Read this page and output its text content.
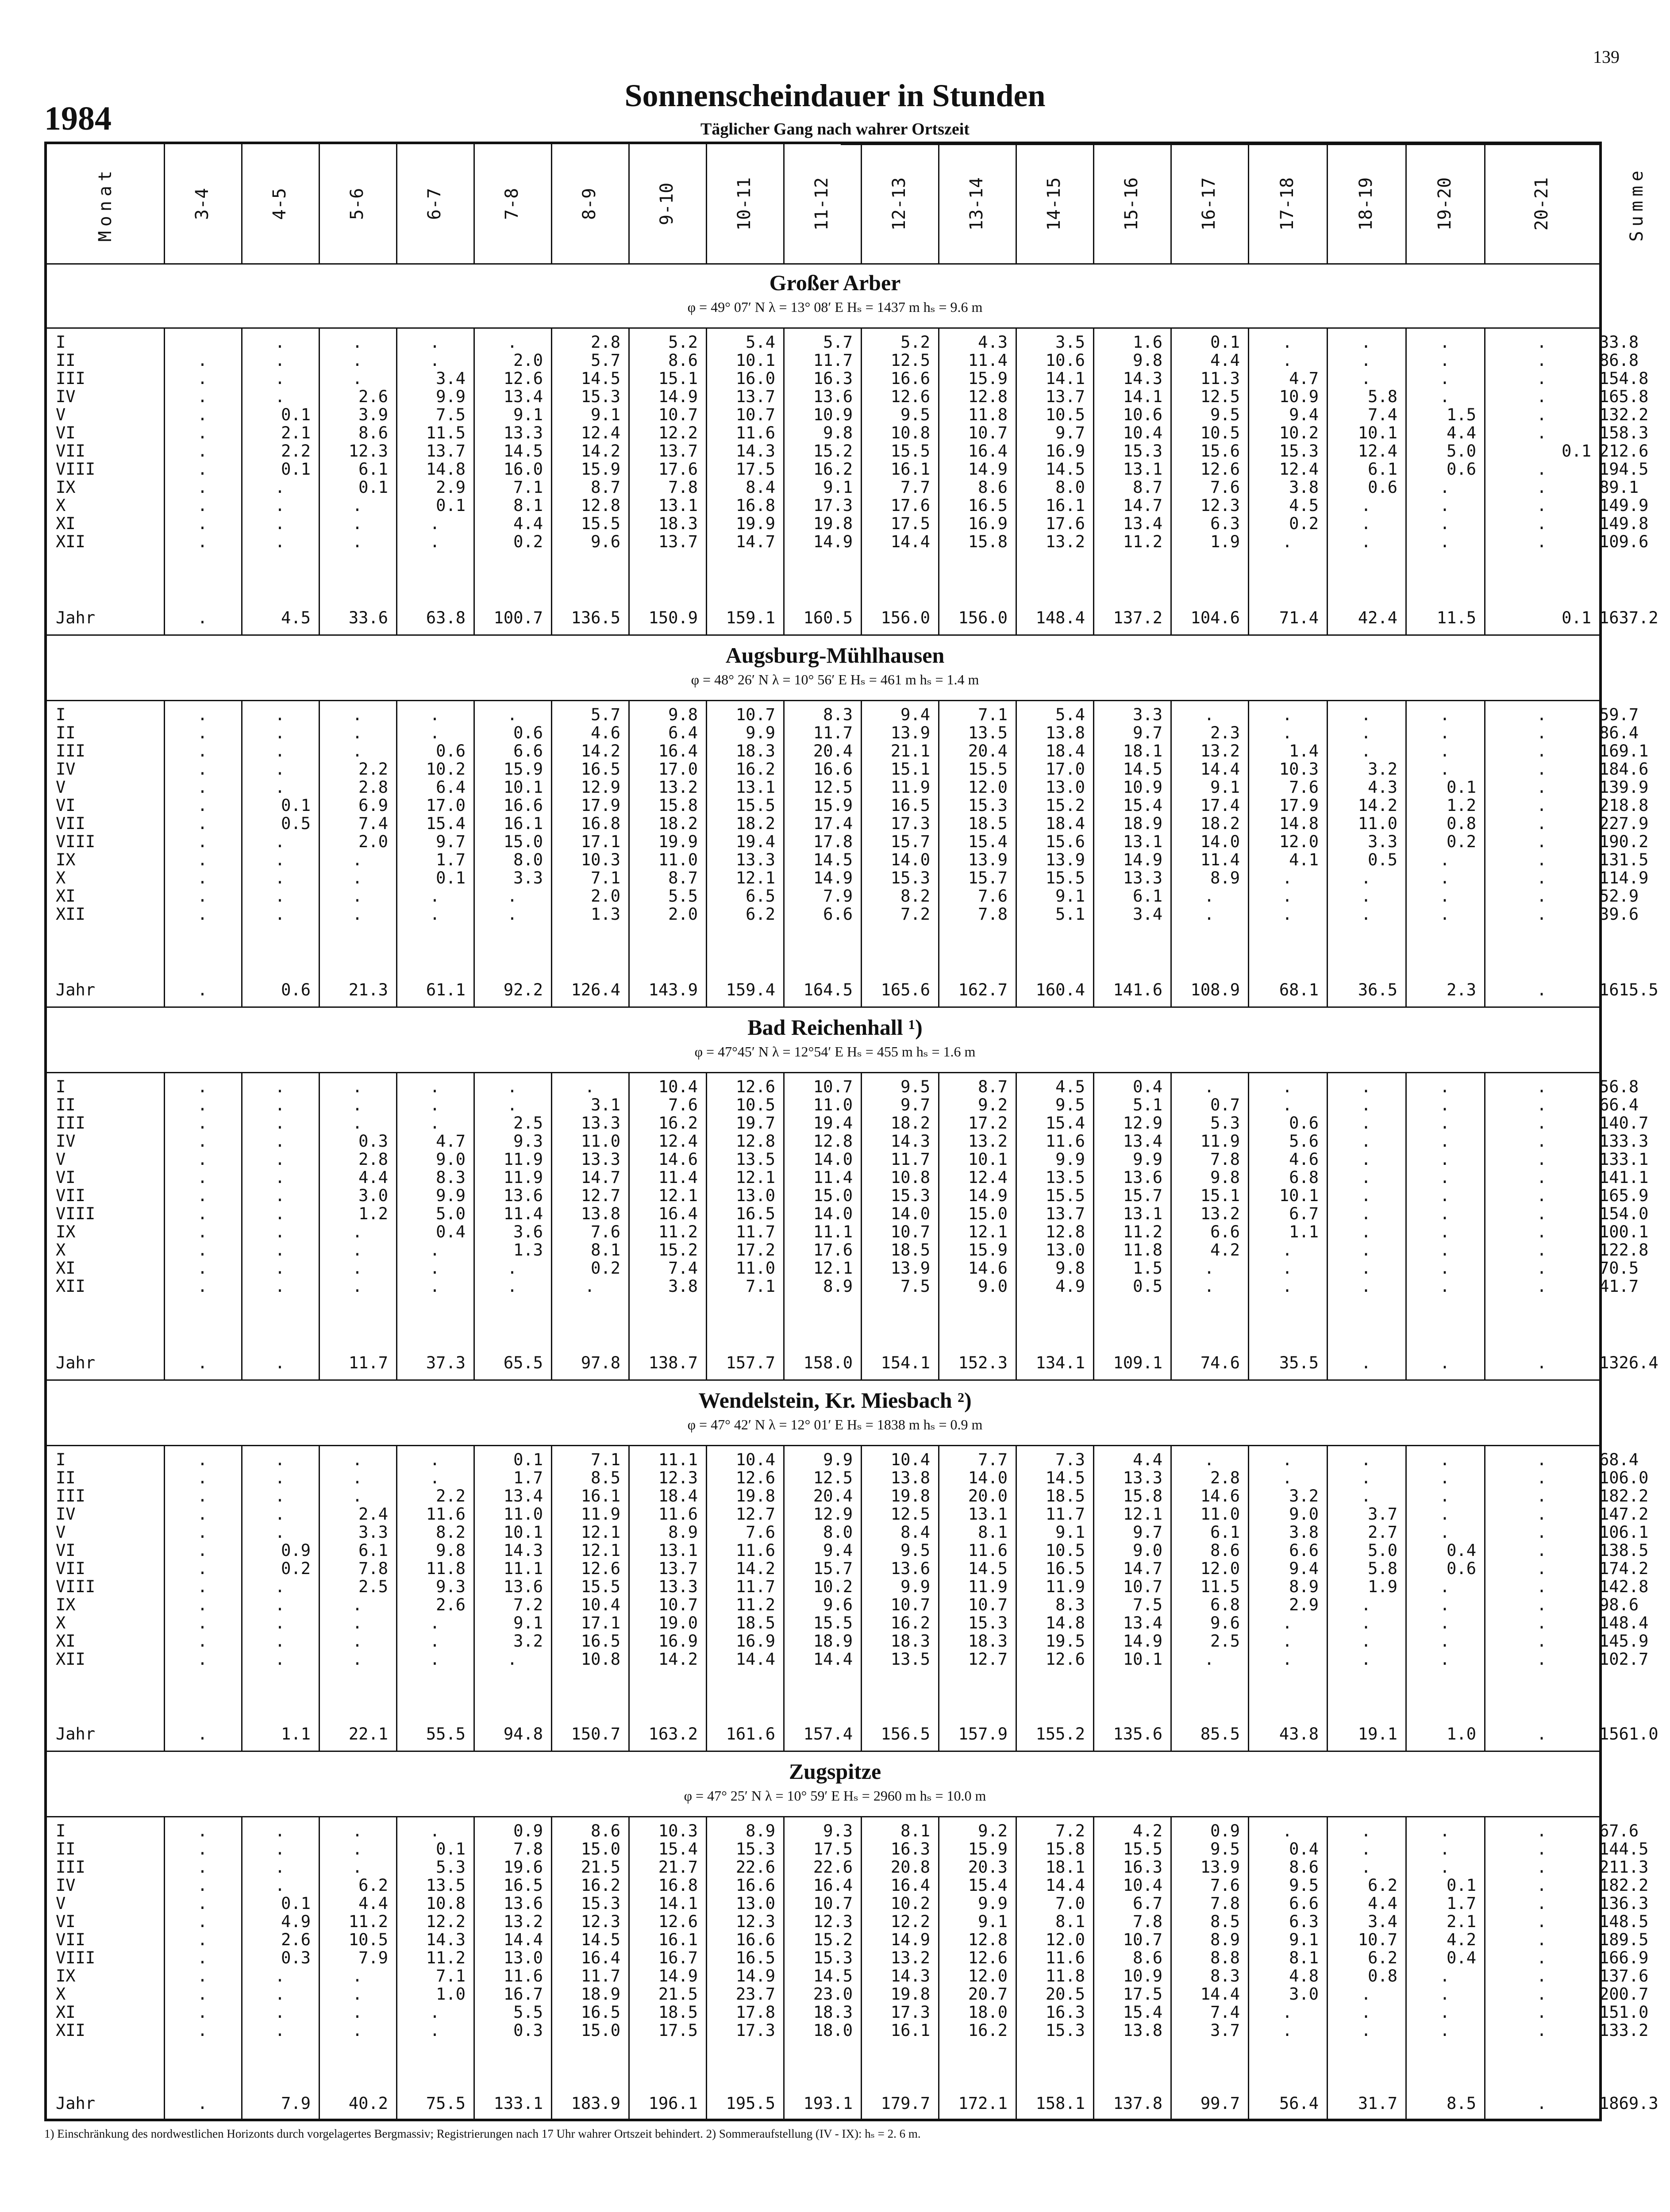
139
1984
Sonnenscheindauer in Stunden
Täglicher Gang nach wahrer Ortszeit
Monat	3-4	4-5	5-6	6-7	7-8	8-9	9-10	10-11	11-12	12-13	13-14	14-15	15-16	16-17	17-18	18-19	19-20	20-21	Summe
Großer Arber
φ = 49° 07′ N λ = 13° 08′ E Hₛ = 1437 m hₛ = 9.6 m
I	.	.	.	.	2.8	5.2	5.4	5.7	5.2	4.3	3.5	1.6	0.1	.	.	.	.	33.8
II	.	.	.	.	2.0	5.7	8.6	10.1	11.7	12.5	11.4	10.6	9.8	4.4	.	.	.	.	86.8
III	.	.	.	3.4	12.6	14.5	15.1	16.0	16.3	16.6	15.9	14.1	14.3	11.3	4.7	.	.	.	154.8
IV	.	.	2.6	9.9	13.4	15.3	14.9	13.7	13.6	12.6	12.8	13.7	14.1	12.5	10.9	5.8	.	.	165.8
V	.	0.1	3.9	7.5	9.1	9.1	10.7	10.7	10.9	9.5	11.8	10.5	10.6	9.5	9.4	7.4	1.5	.	132.2
VI	.	2.1	8.6	11.5	13.3	12.4	12.2	11.6	9.8	10.8	10.7	9.7	10.4	10.5	10.2	10.1	4.4	.	158.3
VII	.	2.2	12.3	13.7	14.5	14.2	13.7	14.3	15.2	15.5	16.4	16.9	15.3	15.6	15.3	12.4	5.0	0.1 212.6
VIII	.	0.1	6.1	14.8	16.0	15.9	17.6	17.5	16.2	16.1	14.9	14.5	13.1	12.6	12.4	6.1	0.6	.	194.5
IX	.	.	0.1	2.9	7.1	8.7	7.8	8.4	9.1	7.7	8.6	8.0	8.7	7.6	3.8	0.6	.	.	89.1
X	.	.	.	0.1	8.1	12.8	13.1	16.8	17.3	17.6	16.5	16.1	14.7	12.3	4.5	.	.	.	149.9
XI	.	.	.	.	4.4	15.5	18.3	19.9	19.8	17.5	16.9	17.6	13.4	6.3	0.2	.	.	.	149.8
XII	.	.	.	.	0.2	9.6	13.7	14.7	14.9	14.4	15.8	13.2	11.2	1.9	.	.	.	.	109.6
Jahr	.	4.5	33.6	63.8	100.7	136.5	150.9	159.1	160.5	156.0	156.0	148.4	137.2	104.6	71.4	42.4	11.5	0.1 1637.2
Augsburg-Mühlhausen
φ = 48° 26′ N λ = 10° 56′ E Hₛ = 461 m hₛ = 1.4 m
I	.	.	.	.	.	5.7	9.8	10.7	8.3	9.4	7.1	5.4	3.3	.	.	.	.	.	59.7
II	.	.	.	.	0.6	4.6	6.4	9.9	11.7	13.9	13.5	13.8	9.7	2.3	.	.	.	.	86.4
III	.	.	.	0.6	6.6	14.2	16.4	18.3	20.4	21.1	20.4	18.4	18.1	13.2	1.4	.	.	.	169.1
IV	.	.	2.2	10.2	15.9	16.5	17.0	16.2	16.6	15.1	15.5	17.0	14.5	14.4	10.3	3.2	.	.	184.6
V	.	.	2.8	6.4	10.1	12.9	13.2	13.1	12.5	11.9	12.0	13.0	10.9	9.1	7.6	4.3	0.1	.	139.9
VI	.	0.1	6.9	17.0	16.6	17.9	15.8	15.5	15.9	16.5	15.3	15.2	15.4	17.4	17.9	14.2	1.2	.	218.8
VII	.	0.5	7.4	15.4	16.1	16.8	18.2	18.2	17.4	17.3	18.5	18.4	18.9	18.2	14.8	11.0	0.8	.	227.9
VIII	.	.	2.0	9.7	15.0	17.1	19.9	19.4	17.8	15.7	15.4	15.6	13.1	14.0	12.0	3.3	0.2	.	190.2
IX	.	.	.	1.7	8.0	10.3	11.0	13.3	14.5	14.0	13.9	13.9	14.9	11.4	4.1	0.5	.	.	131.5
X	.	.	.	0.1	3.3	7.1	8.7	12.1	14.9	15.3	15.7	15.5	13.3	8.9	.	.	.	.	114.9
XI	.	.	.	.	.	2.0	5.5	6.5	7.9	8.2	7.6	9.1	6.1	.	.	.	.	.	52.9
XII	.	.	.	.	.	1.3	2.0	6.2	6.6	7.2	7.8	5.1	3.4	.	.	.	.	.	39.6
Jahr	.	0.6	21.3	61.1	92.2	126.4	143.9	159.4	164.5	165.6	162.7	160.4	141.6	108.9	68.1	36.5	2.3	.	1615.5
Bad Reichenhall ¹)
φ = 47°45′ N λ = 12°54′ E Hₛ = 455 m hₛ = 1.6 m
I	.	.	.	.	.	.	10.4	12.6	10.7	9.5	8.7	4.5	0.4	.	.	.	.	.	56.8
II	.	.	.	.	.	3.1	7.6	10.5	11.0	9.7	9.2	9.5	5.1	0.7	.	.	.	.	66.4
III	.	.	.	.	2.5	13.3	16.2	19.7	19.4	18.2	17.2	15.4	12.9	5.3	0.6	.	.	.	140.7
IV	.	.	0.3	4.7	9.3	11.0	12.4	12.8	12.8	14.3	13.2	11.6	13.4	11.9	5.6	.	.	.	133.3
V	.	.	2.8	9.0	11.9	13.3	14.6	13.5	14.0	11.7	10.1	9.9	9.9	7.8	4.6	.	.	.	133.1
VI	.	.	4.4	8.3	11.9	14.7	11.4	12.1	11.4	10.8	12.4	13.5	13.6	9.8	6.8	.	.	.	141.1
VII	.	.	3.0	9.9	13.6	12.7	12.1	13.0	15.0	15.3	14.9	15.5	15.7	15.1	10.1	.	.	.	165.9
VIII	.	.	1.2	5.0	11.4	13.8	16.4	16.5	14.0	14.0	15.0	13.7	13.1	13.2	6.7	.	.	.	154.0
IX	.	.	.	0.4	3.6	7.6	11.2	11.7	11.1	10.7	12.1	12.8	11.2	6.6	1.1	.	.	.	100.1
X	.	.	.	.	1.3	8.1	15.2	17.2	17.6	18.5	15.9	13.0	11.8	4.2	.	.	.	.	122.8
XI	.	.	.	.	.	0.2	7.4	11.0	12.1	13.9	14.6	9.8	1.5	.	.	.	.	.	70.5
XII	.	.	.	.	.	.	3.8	7.1	8.9	7.5	9.0	4.9	0.5	.	.	.	.	.	41.7
Jahr	.	.	11.7	37.3	65.5	97.8	138.7	157.7	158.0	154.1	152.3	134.1	109.1	74.6	35.5	.	.	.	1326.4
Wendelstein, Kr. Miesbach ²)
φ = 47° 42′ N λ = 12° 01′ E Hₛ = 1838 m hₛ = 0.9 m
I	.	.	.	.	0.1	7.1	11.1	10.4	9.9	10.4	7.7	7.3	4.4	.	.	.	.	.	68.4
II	.	.	.	.	1.7	8.5	12.3	12.6	12.5	13.8	14.0	14.5	13.3	2.8	.	.	.	.	106.0
III	.	.	.	2.2	13.4	16.1	18.4	19.8	20.4	19.8	20.0	18.5	15.8	14.6	3.2	.	.	.	182.2
IV	.	.	2.4	11.6	11.0	11.9	11.6	12.7	12.9	12.5	13.1	11.7	12.1	11.0	9.0	3.7	.	.	147.2
V	.	.	3.3	8.2	10.1	12.1	8.9	7.6	8.0	8.4	8.1	9.1	9.7	6.1	3.8	2.7	.	.	106.1
VI	.	0.9	6.1	9.8	14.3	12.1	13.1	11.6	9.4	9.5	11.6	10.5	9.0	8.6	6.6	5.0	0.4	.	138.5
VII	.	0.2	7.8	11.8	11.1	12.6	13.7	14.2	15.7	13.6	14.5	16.5	14.7	12.0	9.4	5.8	0.6	.	174.2
VIII	.	.	2.5	9.3	13.6	15.5	13.3	11.7	10.2	9.9	11.9	11.9	10.7	11.5	8.9	1.9	.	.	142.8
IX	.	.	.	2.6	7.2	10.4	10.7	11.2	9.6	10.7	10.7	8.3	7.5	6.8	2.9	.	.	.	98.6
X	.	.	.	.	9.1	17.1	19.0	18.5	15.5	16.2	15.3	14.8	13.4	9.6	.	.	.	.	148.4
XI	.	.	.	.	3.2	16.5	16.9	16.9	18.9	18.3	18.3	19.5	14.9	2.5	.	.	.	.	145.9
XII	.	.	.	.	.	10.8	14.2	14.4	14.4	13.5	12.7	12.6	10.1	.	.	.	.	.	102.7
Jahr	.	1.1	22.1	55.5	94.8	150.7	163.2	161.6	157.4	156.5	157.9	155.2	135.6	85.5	43.8	19.1	1.0	.	1561.0
Zugspitze
φ = 47° 25′ N λ = 10° 59′ E Hₛ = 2960 m hₛ = 10.0 m
I	.	.	.	.	0.9	8.6	10.3	8.9	9.3	8.1	9.2	7.2	4.2	0.9	.	.	.	.	67.6
II	.	.	.	0.1	7.8	15.0	15.4	15.3	17.5	16.3	15.9	15.8	15.5	9.5	0.4	.	.	.	144.5
III	.	.	.	5.3	19.6	21.5	21.7	22.6	22.6	20.8	20.3	18.1	16.3	13.9	8.6	.	.	.	211.3
IV	.	.	6.2	13.5	16.5	16.2	16.8	16.6	16.4	16.4	15.4	14.4	10.4	7.6	9.5	6.2	0.1	.	182.2
V	.	0.1	4.4	10.8	13.6	15.3	14.1	13.0	10.7	10.2	9.9	7.0	6.7	7.8	6.6	4.4	1.7	.	136.3
VI	.	4.9	11.2	12.2	13.2	12.3	12.6	12.3	12.3	12.2	9.1	8.1	7.8	8.5	6.3	3.4	2.1	.	148.5
VII	.	2.6	10.5	14.3	14.4	14.5	16.1	16.6	15.2	14.9	12.8	12.0	10.7	8.9	9.1	10.7	4.2	.	189.5
VIII	.	0.3	7.9	11.2	13.0	16.4	16.7	16.5	15.3	13.2	12.6	11.6	8.6	8.8	8.1	6.2	0.4	.	166.9
IX	.	.	.	7.1	11.6	11.7	14.9	14.9	14.5	14.3	12.0	11.8	10.9	8.3	4.8	0.8	.	.	137.6
X	.	.	.	1.0	16.7	18.9	21.5	23.7	23.0	19.8	20.7	20.5	17.5	14.4	3.0	.	.	.	200.7
XI	.	.	.	.	5.5	16.5	18.5	17.8	18.3	17.3	18.0	16.3	15.4	7.4	.	.	.	.	151.0
XII	.	.	.	.	0.3	15.0	17.5	17.3	18.0	16.1	16.2	15.3	13.8	3.7	.	.	.	.	133.2
Jahr	.	7.9	40.2	75.5	133.1	183.9	196.1	195.5	193.1	179.7	172.1	158.1	137.8	99.7	56.4	31.7	8.5	.	1869.3
1) Einschränkung des nordwestlichen Horizonts durch vorgelagertes Bergmassiv; Registrierungen nach 17 Uhr wahrer Ortszeit behindert. 2) Sommeraufstellung (IV - IX): hₛ = 2. 6 m.
